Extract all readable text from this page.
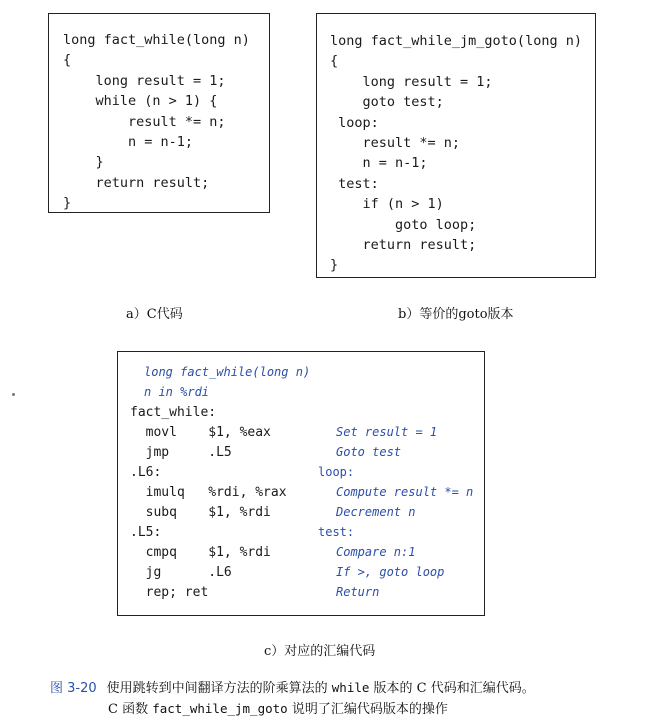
long fact_while(long n)
{
long result = 1;
while (n > 1) {
result *= n;
n = n-1;
}
return result;
}
long fact_while_jm_goto(long n)
{
long result = 1;
goto test;
loop:
result *= n;
n = n-1;
test:
if (n > 1)
goto loop;
return result;
}
a）C代码	b）等价的goto版本
long fact_while(long n)
n in %rdi
fact_while:
movl    $1, %eax	Set result = 1
jmp     .L5	Goto test
.L6:	loop:
imulq   %rdi, %rax	Compute result *= n
subq    $1, %rdi	Decrement n
.L5:	test:
cmpq    $1, %rdi	Compare n:1
jg      .L6	If >, goto loop
rep; ret	Return
c）对应的汇编代码
图 3-20 使用跳转到中间翻译方法的阶乘算法的 while 版本的 C 代码和汇编代码。
C 函数 fact_while_jm_goto 说明了汇编代码版本的操作
